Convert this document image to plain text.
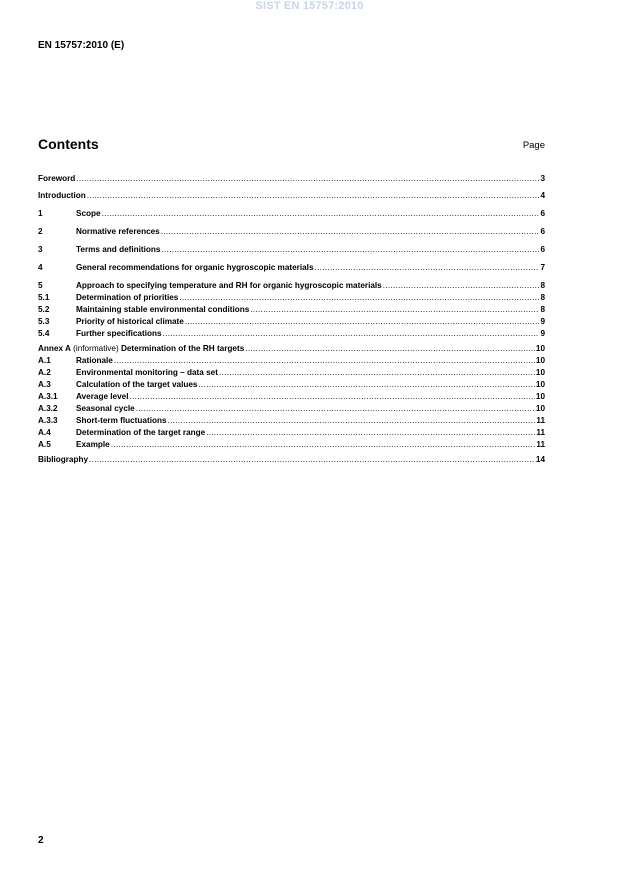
SIST EN 15757:2010
EN 15757:2010 (E)
Contents	Page
Foreword .....	3
Introduction .....	4
1	Scope .....	6
2	Normative references .....	6
3	Terms and definitions .....	6
4	General recommendations for organic hygroscopic materials .....	7
5	Approach to specifying temperature and RH for organic hygroscopic materials .....	8
5.1	Determination of priorities .....	8
5.2	Maintaining stable environmental conditions .....	8
5.3	Priority of historical climate .....	9
5.4	Further specifications .....	9
Annex A (informative) Determination of the RH targets .....	10
A.1	Rationale .....	10
A.2	Environmental monitoring – data set .....	10
A.3	Calculation of the target values .....	10
A.3.1	Average level .....	10
A.3.2	Seasonal cycle .....	10
A.3.3	Short-term fluctuations .....	11
A.4	Determination of the target range .....	11
A.5	Example .....	11
Bibliography .....	14
2
